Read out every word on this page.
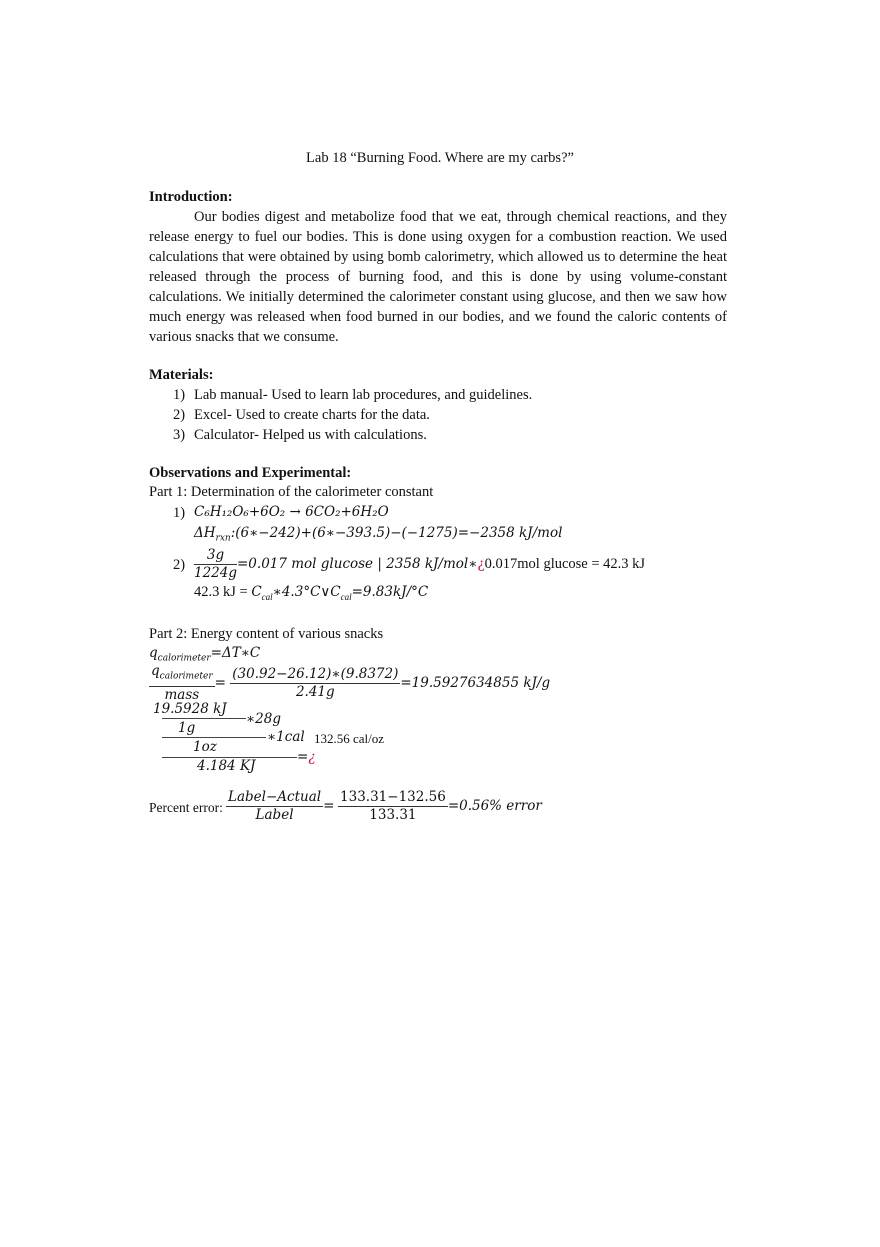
Lab 18 “Burning Food. Where are my carbs?”
Introduction:
Our bodies digest and metabolize food that we eat, through chemical reactions, and they release energy to fuel our bodies. This is done using oxygen for a combustion reaction. We used calculations that were obtained by using bomb calorimetry, which allowed us to determine the heat released through the process of burning food, and this is done by using volume-constant calculations. We initially determined the calorimeter constant using glucose, and then we saw how much energy was released when food burned in our bodies, and we found the caloric contents of various snacks that we consume.
Materials:
1) Lab manual- Used to learn lab procedures, and guidelines.
2) Excel- Used to create charts for the data.
3) Calculator- Helped us with calculations.
Observations and Experimental:
Part 1: Determination of the calorimeter constant
1) C₆H₁₂O₆+6O₂ → 6CO₂+6H₂O
$\Delta H_{rxn}:(6∗-242)+(6∗-393.5)-(-1275)=-2358$ kJ/mol
$2) \frac{3g}{1224g} =0.017$ mol glucose | 2358 kJ/mol∗¿0.017mol glucose = 42.3 kJ
42.3 kJ = $C_{cal}∗4.3^\circ C\vee C_{cal}=9.83kJ/^\circ C$
Part 2: Energy content of various snacks
$q_{calorimeter}=\Delta T∗C$
$\frac{q_{calorimeter}}{\text{mass}} = \frac{(30.92-26.12)∗(9.8372)}{2.41g} =19.5927634855$ kJ/g
19.5928 kJ
∗28g
1g
∗1cal 132.56 cal/oz
1oz
=¿
4.184 KJ
Percent error: $\frac{\text{Label−Actual}}{\text{Label}} = \frac{133.31-132.56}{133.31} =0.56\%$ error
